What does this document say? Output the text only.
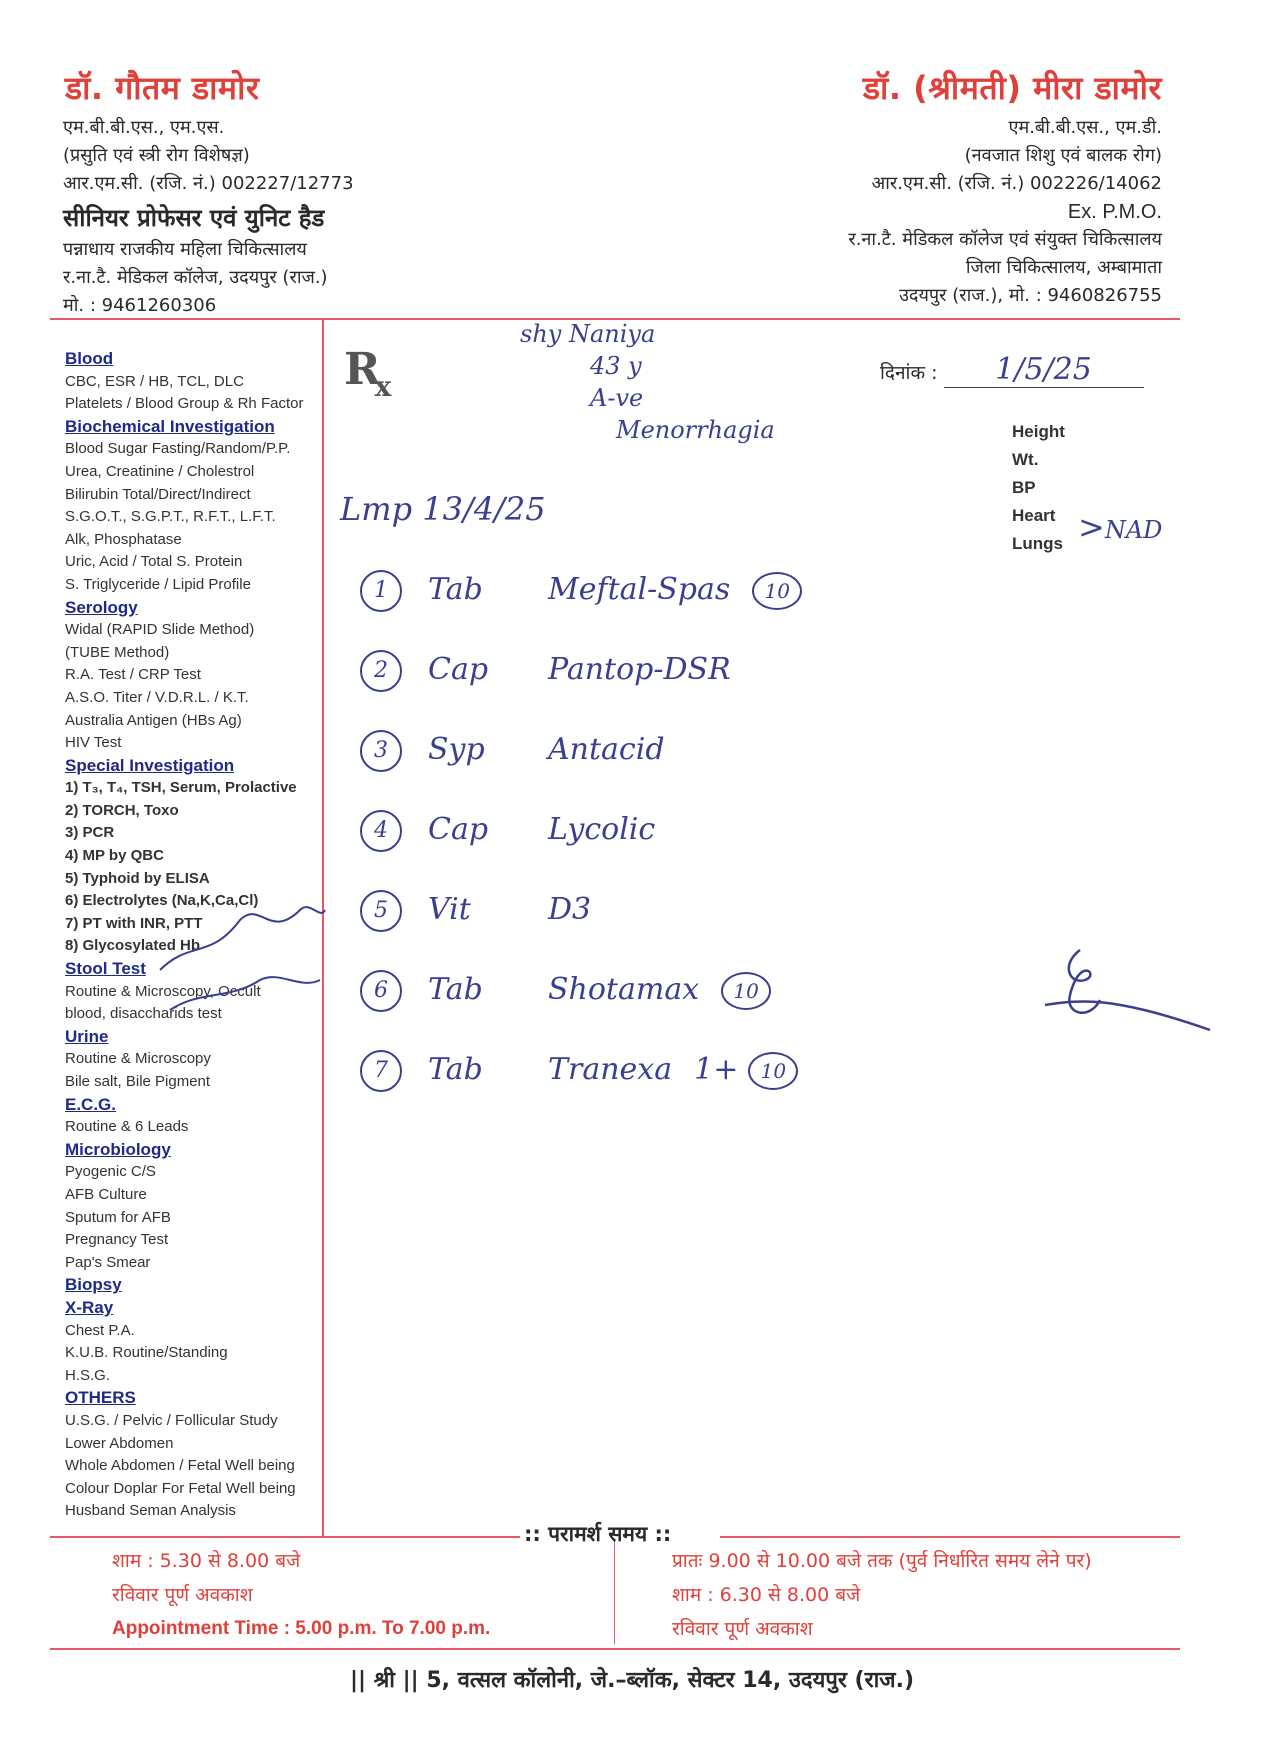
डॉ. गौतम डामोर
एम.बी.बी.एस., एम.एस.
(प्रसुति एवं स्त्री रोग विशेषज्ञ)
आर.एम.सी. (रजि. नं.) 002227/12773
सीनियर प्रोफेसर एवं युनिट हैड
पन्नाधाय राजकीय महिला चिकित्सालय
र.ना.टै. मेडिकल कॉलेज, उदयपुर (राज.)
मो. : 9461260306
डॉ. (श्रीमती) मीरा डामोर
एम.बी.बी.एस., एम.डी.
(नवजात शिशु एवं बालक रोग)
आर.एम.सी. (रजि. नं.) 002226/14062
Ex. P.M.O.
र.ना.टै. मेडिकल कॉलेज एवं संयुक्त चिकित्सालय
जिला चिकित्सालय, अम्बामाता
उदयपुर (राज.), मो. : 9460826755
Blood
CBC, ESR / HB, TCL, DLC
Platelets / Blood Group & Rh Factor
Biochemical Investigation
Blood Sugar Fasting/Random/P.P.
Urea, Creatinine / Cholestrol
Bilirubin Total/Direct/Indirect
S.G.O.T., S.G.P.T., R.F.T., L.F.T.
Alk, Phosphatase
Uric, Acid / Total S. Protein
S. Triglyceride / Lipid Profile
Serology
Widal (RAPID Slide Method)
(TUBE Method)
R.A. Test / CRP Test
A.S.O. Titer / V.D.R.L. / K.T.
Australia Antigen (HBs Ag)
HIV Test
Special Investigation
1) T₃, T₄, TSH, Serum, Prolactive
2) TORCH, Toxo
3) PCR
4) MP by QBC
5) Typhoid by ELISA
6) Electrolytes (Na,K,Ca,Cl)
7) PT with INR, PTT
8) Glycosylated Hb
Stool Test
Routine & Microscopy, Occult
blood, disaccharids test
Urine
Routine & Microscopy
Bile salt, Bile Pigment
E.C.G.
Routine & 6 Leads
Microbiology
Pyogenic C/S
AFB Culture
Sputum for AFB
Pregnancy Test
Pap's Smear
Biopsy
X-Ray
Chest P.A.
K.U.B. Routine/Standing
H.S.G.
OTHERS
U.S.G. / Pelvic / Follicular Study
Lower Abdomen
Whole Abdomen / Fetal Well being
Colour Doplar For Fetal Well being
Husband Seman Analysis
$R_x$	दिनांक : 1/5/25
Height
Wt.
BP
Heart
Lungs >NAD
shy Naniya
43 y
A-ve
Menorrhagia
Lmp 13/4/25
1 Tab Meftal-Spas 10
2 Cap Pantop-DSR
3 Syp Antacid
4 Cap Lycolic
5 Vit	D3
6 Tab Shotamax 10
7 Tab Tranexa 1+ 10
:: परामर्श समय ::
शाम : 5.30 से 8.00 बजे
रविवार पूर्ण अवकाश
Appointment Time : 5.00 p.m. To 7.00 p.m.
प्रातः 9.00 से 10.00 बजे तक (पुर्व निर्धारित समय लेने पर)
शाम : 6.30 से 8.00 बजे
रविवार पूर्ण अवकाश
|| श्री || 5, वत्सल कॉलोनी, जे.–ब्लॉक, सेक्टर 14, उदयपुर (राज.)
